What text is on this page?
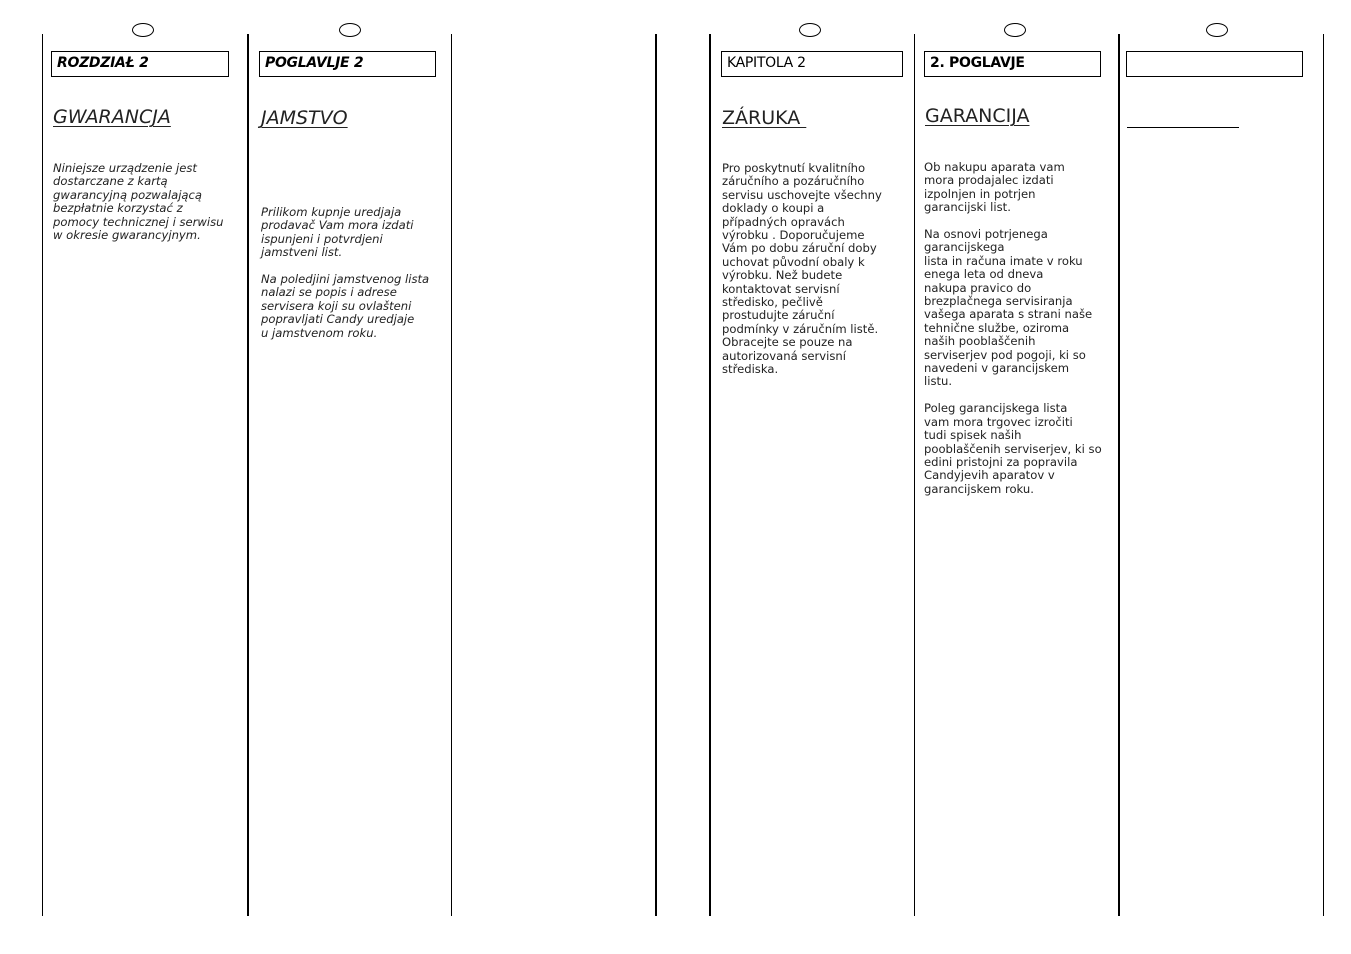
ROZDZIAŁ 2
GWARANCJA

Niniejsze urządzenie jest
dostarczane z kartą
gwarancyjną pozwalającą
bezpłatnie korzystać z
pomocy technicznej i serwisu
w okresie gwarancyjnym.

POGLAVLJE 2
JAMSTVO

Prilikom kupnje uredjaja
prodavač Vam mora izdati
ispunjeni i potvrdjeni
jamstveni list.

Na poledjini jamstvenog lista
nalazi se popis i adrese
servisera koji su ovlašteni
popravljati Candy uredjaje
u jamstvenom roku.

KAPITOLA 2
ZÁRUKA

Pro poskytnutí kvalitního
záručního a pozáručního
servisu uschovejte všechny
doklady o koupi a
případných opravách
výrobku . Doporučujeme
Vám po dobu záruční doby
uchovat původní obaly k
výrobku. Než budete
kontaktovat servisní
středisko, pečlivě
prostudujte záruční
podmínky v záručním listě.
Obracejte se pouze na
autorizovaná servisní
střediska.

2. POGLAVJE
GARANCIJA

Ob nakupu aparata vam
mora prodajalec izdati
izpolnjen in potrjen
garancijski list.

Na osnovi potrjenega
garancijskega
lista in računa imate v roku
enega leta od dneva
nakupa pravico do
brezplačnega servisiranja
vašega aparata s strani naše
tehnične službe, oziroma
naših pooblaščenih
serviserjev pod pogoji, ki so
navedeni v garancijskem
listu.

Poleg garancijskega lista
vam mora trgovec izročiti
tudi spisek naših
pooblaščenih serviserjev, ki so
edini pristojni za popravila
Candyjevih aparatov v
garancijskem roku.
